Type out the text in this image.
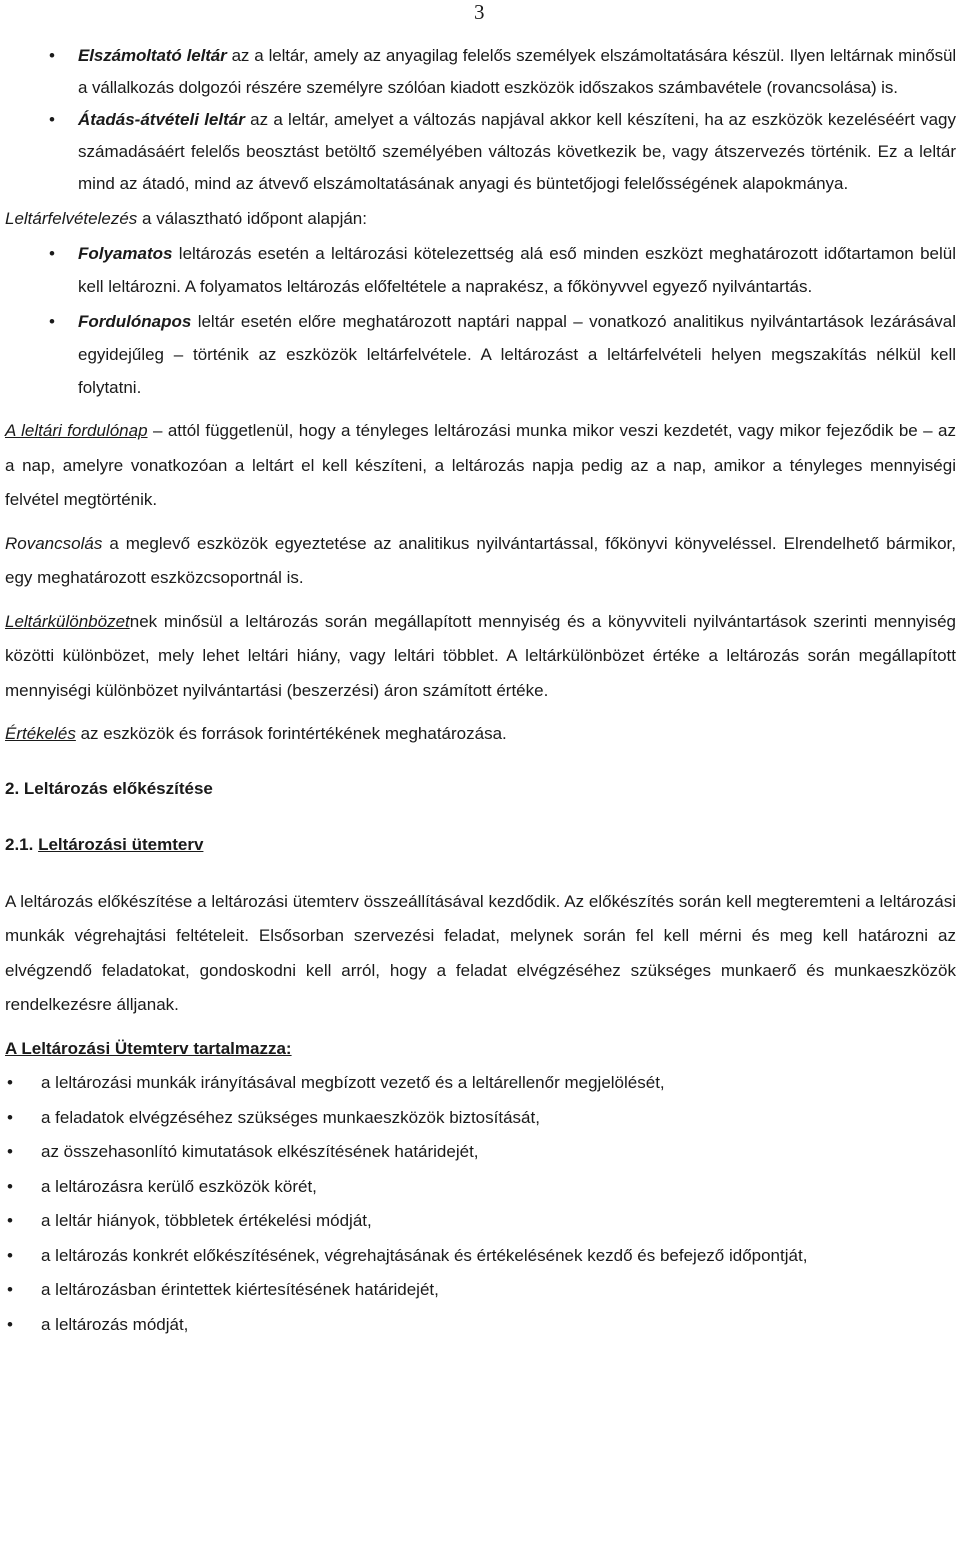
3
• Elszámoltató leltár az a leltár, amely az anyagilag felelős személyek elszámoltatására készül. Ilyen leltárnak minősül a vállalkozás dolgozói részére személyre szólóan kiadott eszközök időszakos számbavétele (rovancsolása) is.
• Átadás-átvételi leltár az a leltár, amelyet a változás napjával akkor kell készíteni, ha az eszközök kezeléséért vagy számadásáért felelős beosztást betöltő személyében változás következik be, vagy átszervezés történik. Ez a leltár mind az átadó, mind az átvevő elszámoltatásának anyagi és büntetőjogi felelősségének alapokmánya.

Leltárfelvételezés a választható időpont alapján:

• Folyamatos leltározás esetén a leltározási kötelezettség alá eső minden eszközt meghatározott időtartamon belül kell leltározni. A folyamatos leltározás előfeltétele a naprakész, a főkönyvvel egyező nyilvántartás.
• Fordulónapos leltár esetén előre meghatározott naptári nappal – vonatkozó analitikus nyilvántartások lezárásával egyidejűleg – történik az eszközök leltárfelvétele. A leltározást a leltárfelvételi helyen megszakítás nélkül kell folytatni.

A leltári fordulónap – attól függetlenül, hogy a tényleges leltározási munka mikor veszi kezdetét, vagy mikor fejeződik be – az a nap, amelyre vonatkozóan a leltárt el kell készíteni, a leltározás napja pedig az a nap, amikor a tényleges mennyiségi felvétel megtörténik.

Rovancsolás a meglevő eszközök egyeztetése az analitikus nyilvántartással, főkönyvi könyveléssel. Elrendelhető bármikor, egy meghatározott eszközcsoportnál is.

Leltárkülönbözetnek minősül a leltározás során megállapított mennyiség és a könyvviteli nyilvántartások szerinti mennyiség közötti különbözet, mely lehet leltári hiány, vagy leltári többlet. A leltárkülönbözet értéke a leltározás során megállapított mennyiségi különbözet nyilvántartási (beszerzési) áron számított értéke.

Értékelés az eszközök és források forintértékének meghatározása.

2. Leltározás előkészítése

2.1. Leltározási ütemterv

A leltározás előkészítése a leltározási ütemterv összeállításával kezdődik. Az előkészítés során kell megteremteni a leltározási munkák végrehajtási feltételeit. Elsősorban szervezési feladat, melynek során fel kell mérni és meg kell határozni az elvégzendő feladatokat, gondoskodni kell arról, hogy a feladat elvégzéséhez szükséges munkaerő és munkaeszközök rendelkezésre álljanak.

A Leltározási Ütemterv tartalmazza:

• a leltározási munkák irányításával megbízott vezető és a leltárellenőr megjelölését,
• a feladatok elvégzéséhez szükséges munkaeszközök biztosítását,
• az összehasonlító kimutatások elkészítésének határidejét,
• a leltározásra kerülő eszközök körét,
• a leltár hiányok, többletek értékelési módját,
• a leltározás konkrét előkészítésének, végrehajtásának és értékelésének kezdő és befejező időpontját,
• a leltározásban érintettek kiértesítésének határidejét,
• a leltározás módját,
